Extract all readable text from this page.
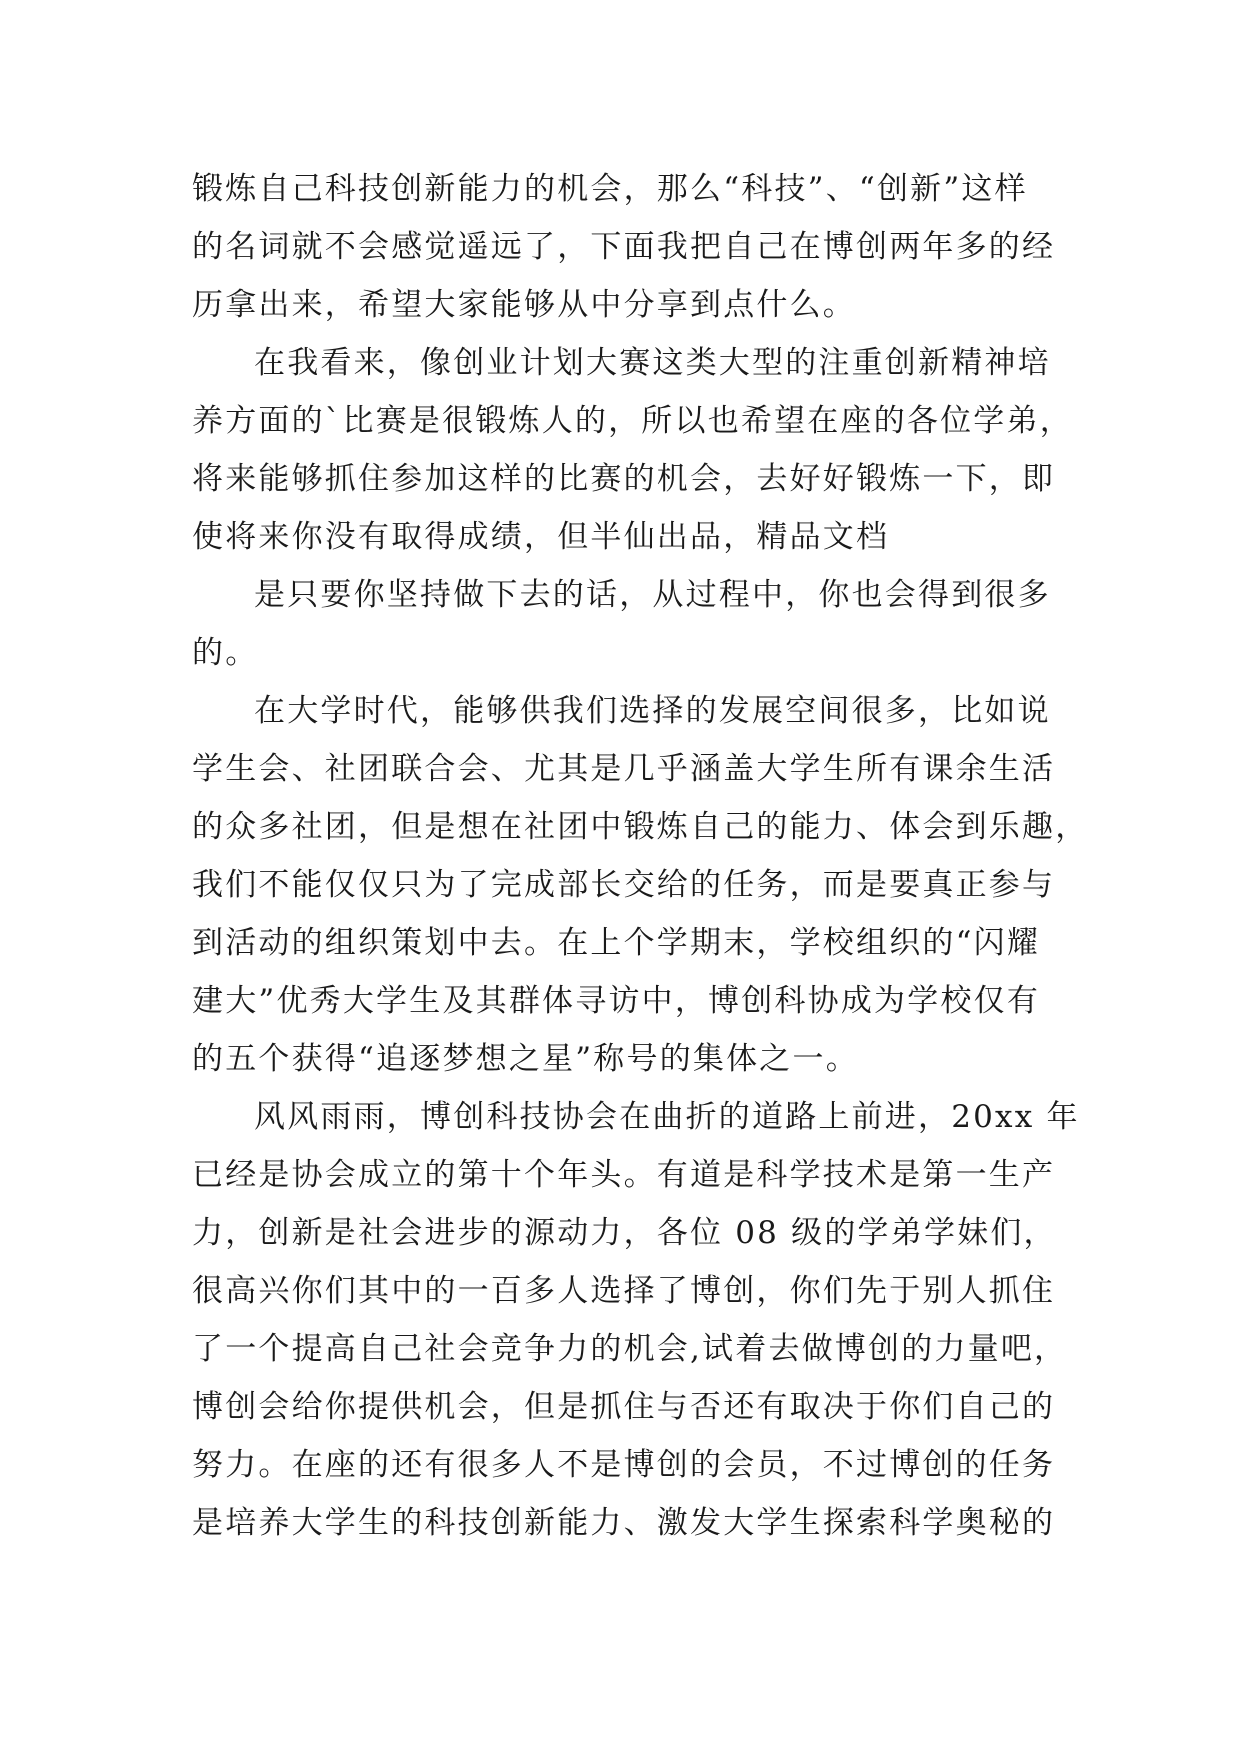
锻炼自己科技创新能力的机会，那么“科技”、“创新”这样
的名词就不会感觉遥远了，下面我把自己在博创两年多的经
历拿出来，希望大家能够从中分享到点什么。
在我看来，像创业计划大赛这类大型的注重创新精神培
养方面的`比赛是很锻炼人的，所以也希望在座的各位学弟，
将来能够抓住参加这样的比赛的机会，去好好锻炼一下，即
使将来你没有取得成绩，但半仙出品，精品文档
是只要你坚持做下去的话，从过程中，你也会得到很多
的。
在大学时代，能够供我们选择的发展空间很多，比如说
学生会、社团联合会、尤其是几乎涵盖大学生所有课余生活
的众多社团，但是想在社团中锻炼自己的能力、体会到乐趣，
我们不能仅仅只为了完成部长交给的任务，而是要真正参与
到活动的组织策划中去。在上个学期末，学校组织的“闪耀
建大”优秀大学生及其群体寻访中，博创科协成为学校仅有
的五个获得“追逐梦想之星”称号的集体之一。
风风雨雨，博创科技协会在曲折的道路上前进，20xx 年
已经是协会成立的第十个年头。有道是科学技术是第一生产
力，创新是社会进步的源动力，各位 08 级的学弟学妹们，
很高兴你们其中的一百多人选择了博创，你们先于别人抓住
了一个提高自己社会竞争力的机会,试着去做博创的力量吧，
博创会给你提供机会，但是抓住与否还有取决于你们自己的
努力。在座的还有很多人不是博创的会员，不过博创的任务
是培养大学生的科技创新能力、激发大学生探索科学奥秘的
